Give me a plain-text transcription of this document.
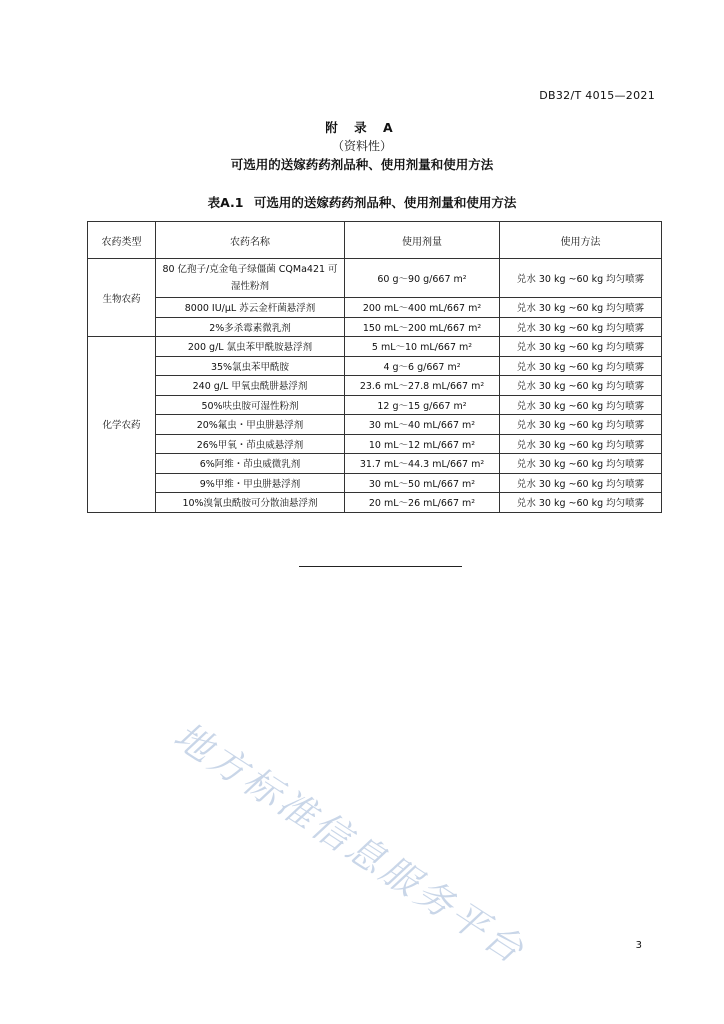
DB32/T 4015—2021
附 录 A
（资料性）
可选用的送嫁药药剂品种、使用剂量和使用方法
表A.1 可选用的送嫁药药剂品种、使用剂量和使用方法
农药类型	农药名称	使用剂量	使用方法
生物农药	80 亿孢子/克金龟子绿僵菌 CQMa421 可湿性粉剂	60 g～90 g/667 m²	兑水 30 kg ~60 kg 均匀喷雾
	8000 IU/μL 苏云金杆菌悬浮剂	200 mL～400 mL/667 m²	兑水 30 kg ~60 kg 均匀喷雾
	2%多杀霉素微乳剂	150 mL～200 mL/667 m²	兑水 30 kg ~60 kg 均匀喷雾
化学农药	200 g/L 氯虫苯甲酰胺悬浮剂	5 mL～10 mL/667 m²	兑水 30 kg ~60 kg 均匀喷雾
	35%氯虫苯甲酰胺	4 g～6 g/667 m²	兑水 30 kg ~60 kg 均匀喷雾
	240 g/L 甲氧虫酰肼悬浮剂	23.6 mL～27.8 mL/667 m²	兑水 30 kg ~60 kg 均匀喷雾
	50%呋虫胺可湿性粉剂	12 g～15 g/667 m²	兑水 30 kg ~60 kg 均匀喷雾
	20%氟虫・甲虫肼悬浮剂	30 mL～40 mL/667 m²	兑水 30 kg ~60 kg 均匀喷雾
	26%甲氧・茚虫威悬浮剂	10 mL～12 mL/667 m²	兑水 30 kg ~60 kg 均匀喷雾
	6%阿维・茚虫威微乳剂	31.7 mL～44.3 mL/667 m²	兑水 30 kg ~60 kg 均匀喷雾
	9%甲维・甲虫肼悬浮剂	30 mL～50 mL/667 m²	兑水 30 kg ~60 kg 均匀喷雾
	10%溴氰虫酰胺可分散油悬浮剂	20 mL～26 mL/667 m²	兑水 30 kg ~60 kg 均匀喷雾
地方标准信息服务平台	3
